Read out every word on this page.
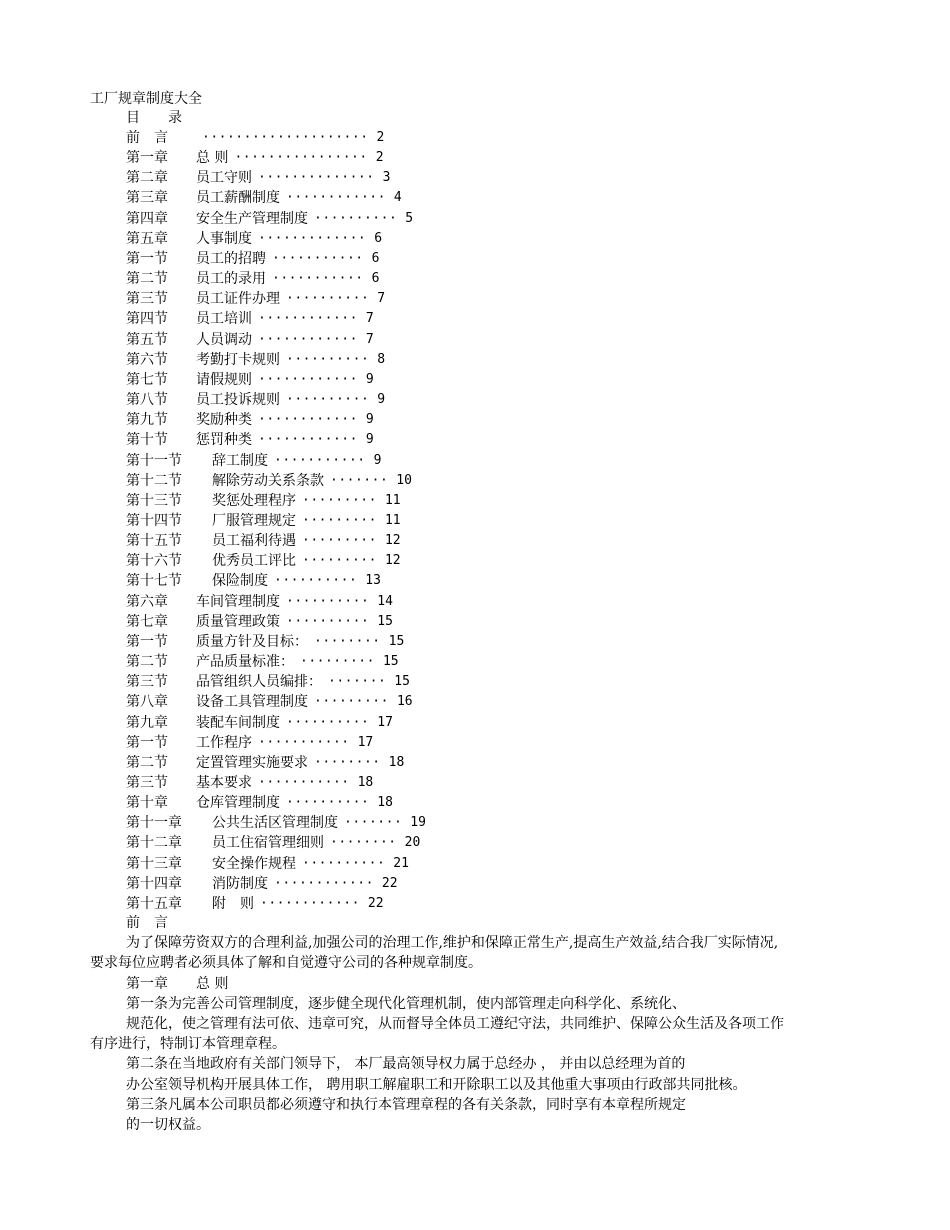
工厂规章制度大全
目　　录
前　言	···················· 2
第一章	总 则 ················ 2
第二章	员工守则 ·············· 3
第三章	员工薪酬制度 ············ 4
第四章	安全生产管理制度 ·········· 5
第五章	人事制度 ············· 6
第一节	员工的招聘 ··········· 6
第二节	员工的录用 ··········· 6
第三节	员工证件办理 ·········· 7
第四节	员工培训 ············ 7
第五节	人员调动 ············ 7
第六节	考勤打卡规则 ·········· 8
第七节	请假规则 ············ 9
第八节	员工投诉规则 ·········· 9
第九节	奖励种类 ············ 9
第十节	惩罚种类 ············ 9
第十一节	辞工制度 ··········· 9
第十二节	解除劳动关系条款 ······· 10
第十三节	奖惩处理程序 ········· 11
第十四节	厂服管理规定 ········· 11
第十五节	员工福利待遇 ········· 12
第十六节	优秀员工评比 ········· 12
第十七节	保险制度 ·········· 13
第六章	车间管理制度 ·········· 14
第七章	质量管理政策 ·········· 15
第一节	质量方针及目标： ········ 15
第二节	产品质量标准： ········· 15
第三节	品管组织人员编排： ······· 15
第八章	设备工具管理制度 ········· 16
第九章	装配车间制度 ·········· 17
第一节	工作程序 ··········· 17
第二节	定置管理实施要求 ········ 18
第三节	基本要求 ··········· 18
第十章	仓库管理制度 ·········· 18
第十一章	公共生活区管理制度 ······· 19
第十二章	员工住宿管理细则 ········ 20
第十三章	安全操作规程 ·········· 21
第十四章	消防制度 ············ 22
第十五章	附　则 ············ 22
前　言
为了保障劳资双方的合理利益,加强公司的治理工作,维护和保障正常生产,提高生产效益,结合我厂实际情况,
要求每位应聘者必须具体了解和自觉遵守公司的各种规章制度。
第一章　　总 则
第一条为完善公司管理制度，逐步健全现代化管理机制，使内部管理走向科学化、系统化、
规范化，使之管理有法可依、违章可究，从而督导全体员工遵纪守法，共同维护、保障公众生活及各项工作
有序进行，特制订本管理章程。
第二条在当地政府有关部门领导下， 本厂最高领导权力属于总经办 ， 并由以总经理为首的
办公室领导机构开展具体工作， 聘用职工解雇职工和开除职工以及其他重大事项由行政部共同批核。
第三条凡属本公司职员都必须遵守和执行本管理章程的各有关条款，同时享有本章程所规定
的一切权益。
